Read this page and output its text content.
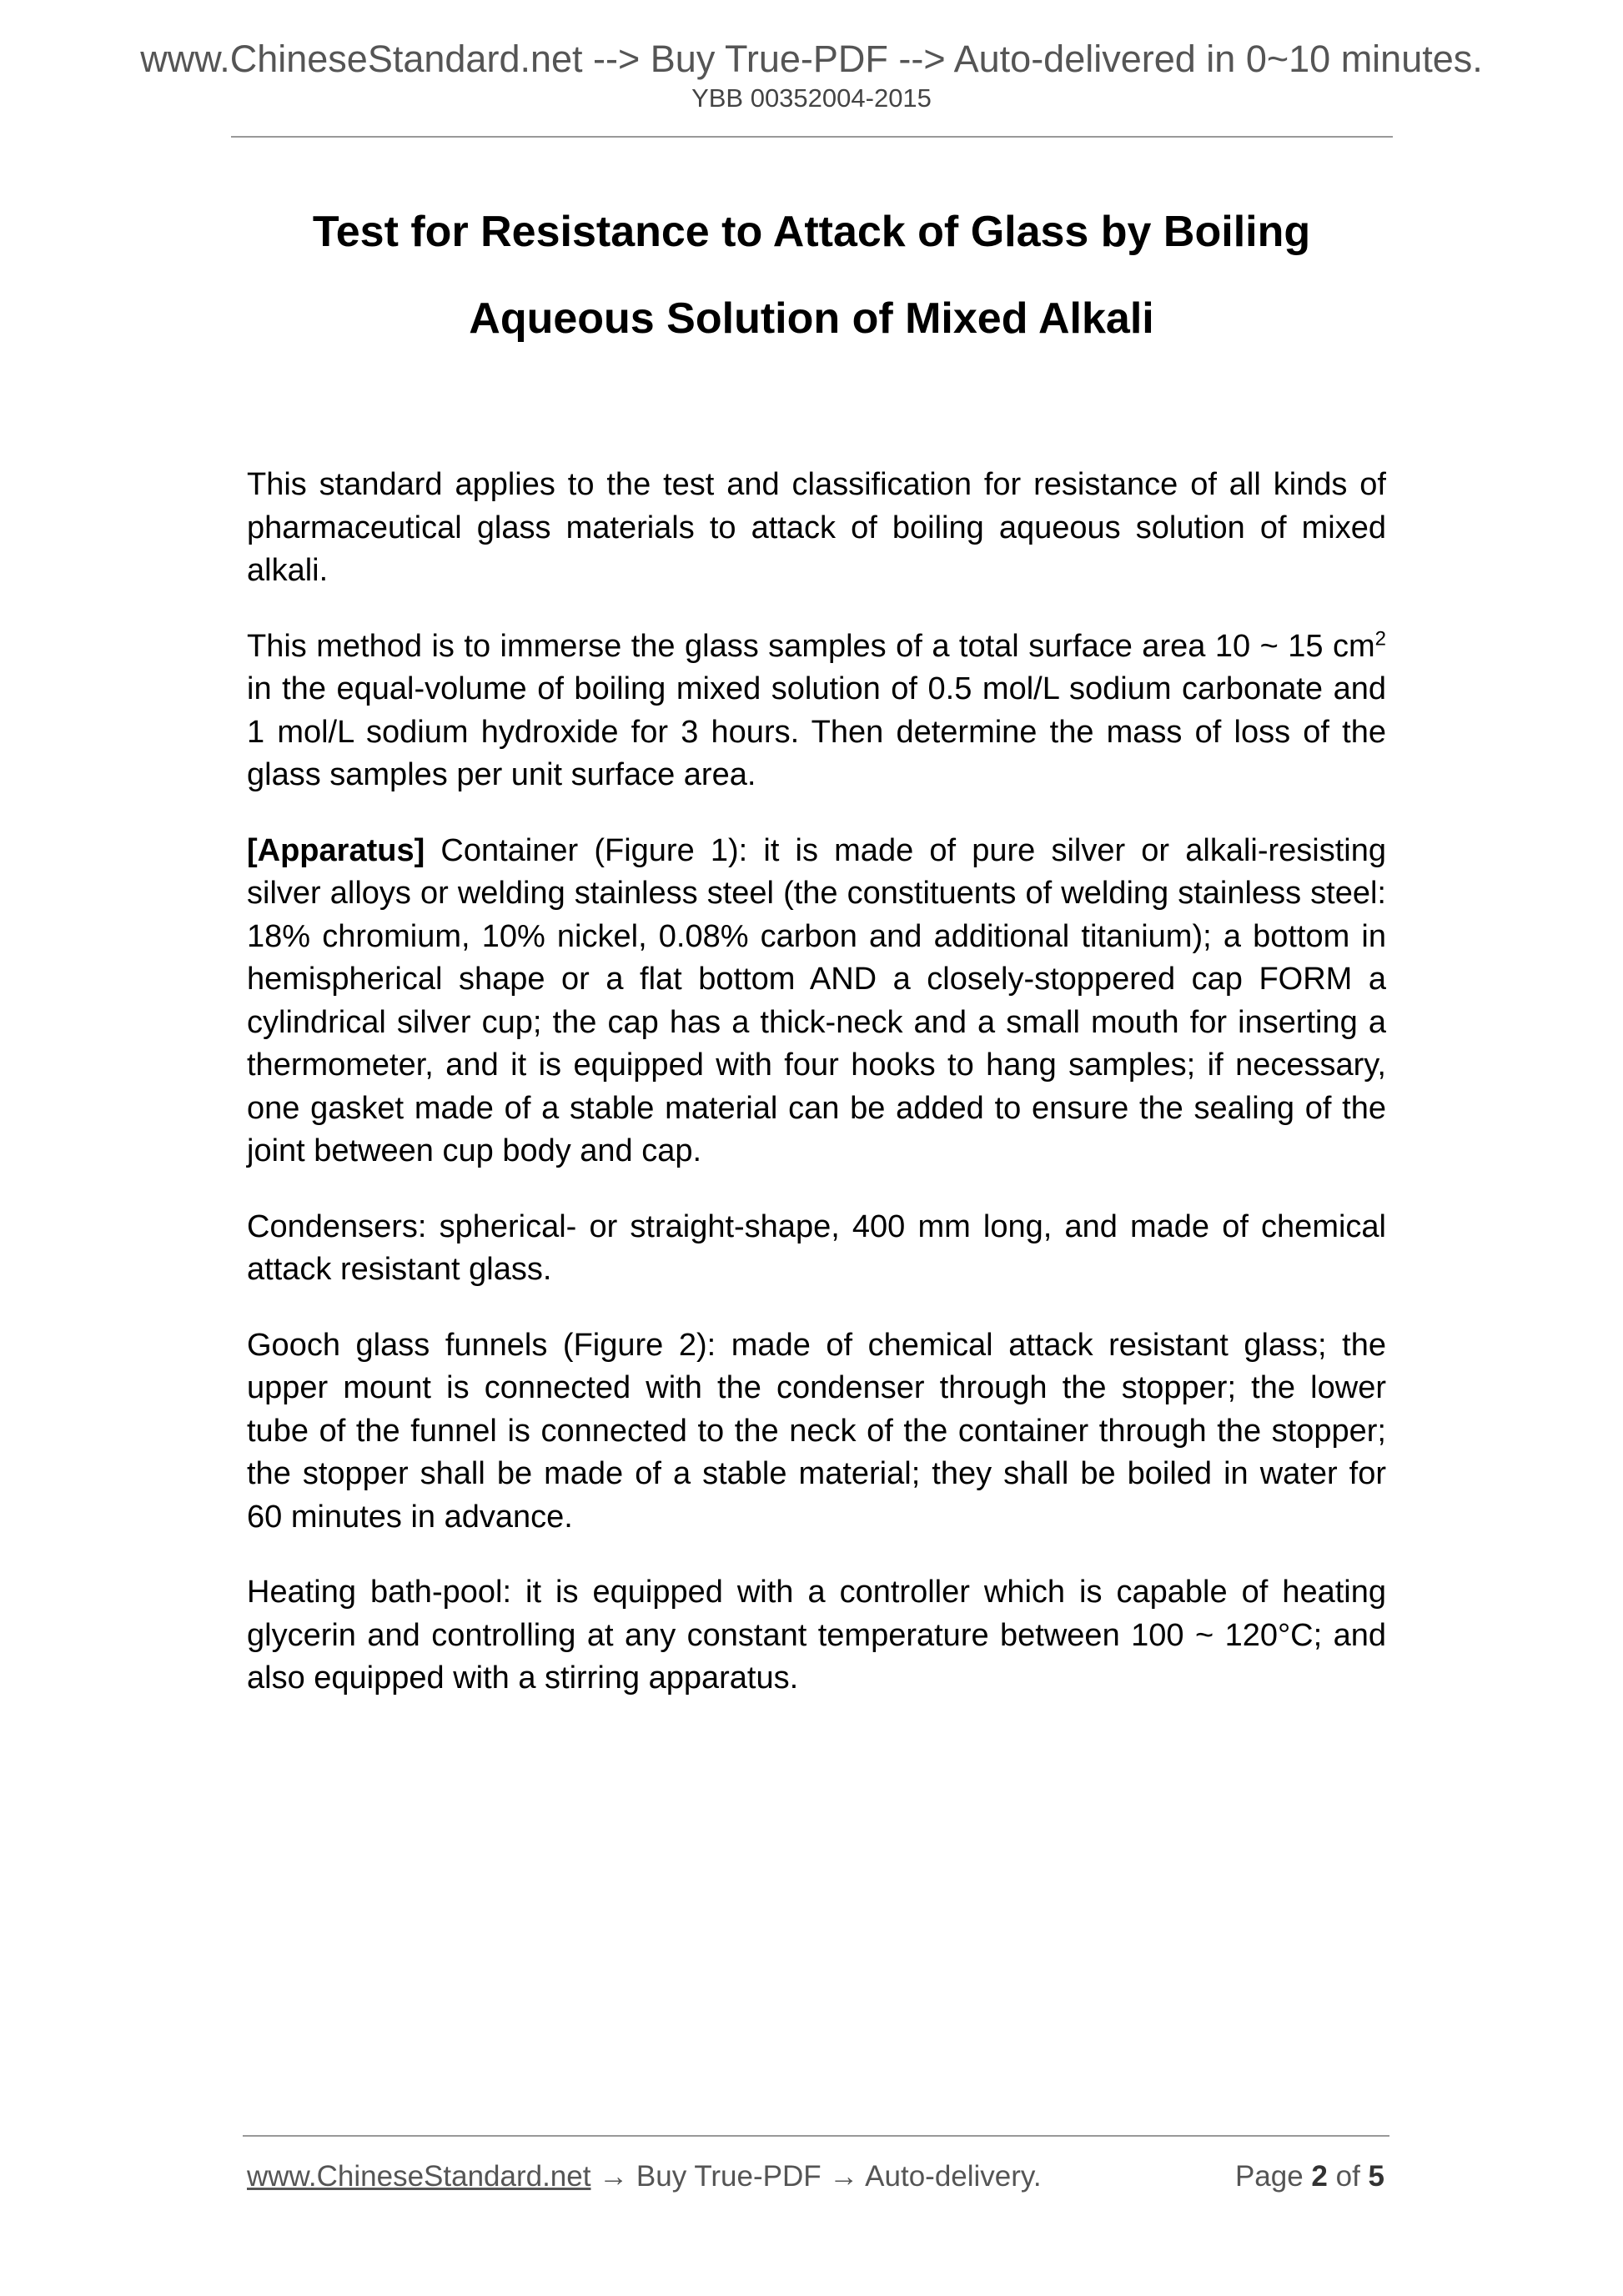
www.ChineseStandard.net --> Buy True-PDF --> Auto-delivered in 0~10 minutes.
YBB 00352004-2015
Test for Resistance to Attack of Glass by Boiling
Aqueous Solution of Mixed Alkali

This standard applies to the test and classification for resistance of all kinds of pharmaceutical glass materials to attack of boiling aqueous solution of mixed alkali.

This method is to immerse the glass samples of a total surface area 10 ~ 15 $cm^2$ in the equal-volume of boiling mixed solution of 0.5 mol/L sodium carbonate and 1 mol/L sodium hydroxide for 3 hours. Then determine the mass of loss of the glass samples per unit surface area.

[Apparatus] Container (Figure 1): it is made of pure silver or alkali-resisting silver alloys or welding stainless steel (the constituents of welding stainless steel: 18% chromium, 10% nickel, 0.08% carbon and additional titanium); a bottom in hemispherical shape or a flat bottom AND a closely-stoppered cap FORM a cylindrical silver cup; the cap has a thick-neck and a small mouth for inserting a thermometer, and it is equipped with four hooks to hang samples; if necessary, one gasket made of a stable material can be added to ensure the sealing of the joint between cup body and cap.

Condensers: spherical- or straight-shape, 400 mm long, and made of chemical attack resistant glass.

Gooch glass funnels (Figure 2): made of chemical attack resistant glass; the upper mount is connected with the condenser through the stopper; the lower tube of the funnel is connected to the neck of the container through the stopper; the stopper shall be made of a stable material; they shall be boiled in water for 60 minutes in advance.

Heating bath-pool: it is equipped with a controller which is capable of heating glycerin and controlling at any constant temperature between 100 ~ 120°C; and also equipped with a stirring apparatus.

www.ChineseStandard.net → Buy True-PDF → Auto-delivery.	Page 2 of 5
